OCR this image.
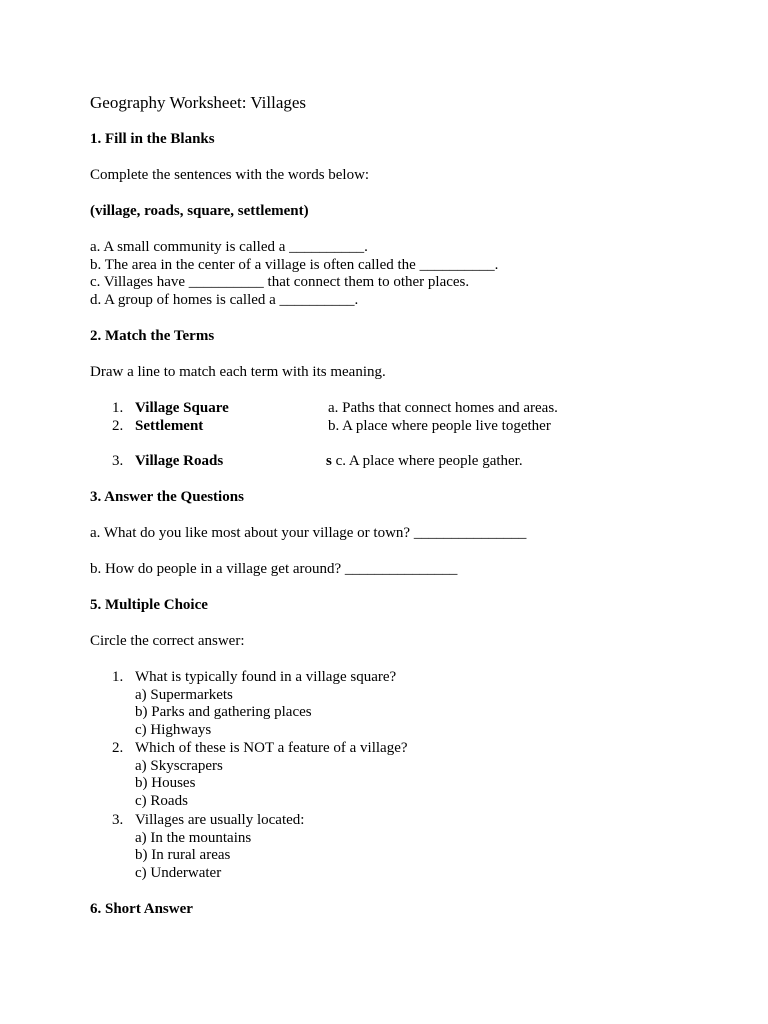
Geography Worksheet: Villages
1. Fill in the Blanks
Complete the sentences with the words below:
(village, roads, square, settlement)
a. A small community is called a __________.
b. The area in the center of a village is often called the __________.
c. Villages have __________ that connect them to other places.
d. A group of homes is called a __________.
2. Match the Terms
Draw a line to match each term with its meaning.
1. Village Square	a. Paths that connect homes and areas.
2. Settlement	b. A place where people live together
3. Village Roads	s c. A place where people gather.
3. Answer the Questions
a. What do you like most about your village or town? _______________
b. How do people in a village get around? _______________
5. Multiple Choice
Circle the correct answer:
1. What is typically found in a village square?
a) Supermarkets
b) Parks and gathering places
c) Highways
2. Which of these is NOT a feature of a village?
a) Skyscrapers
b) Houses
c) Roads
3. Villages are usually located:
a) In the mountains
b) In rural areas
c) Underwater
6. Short Answer
